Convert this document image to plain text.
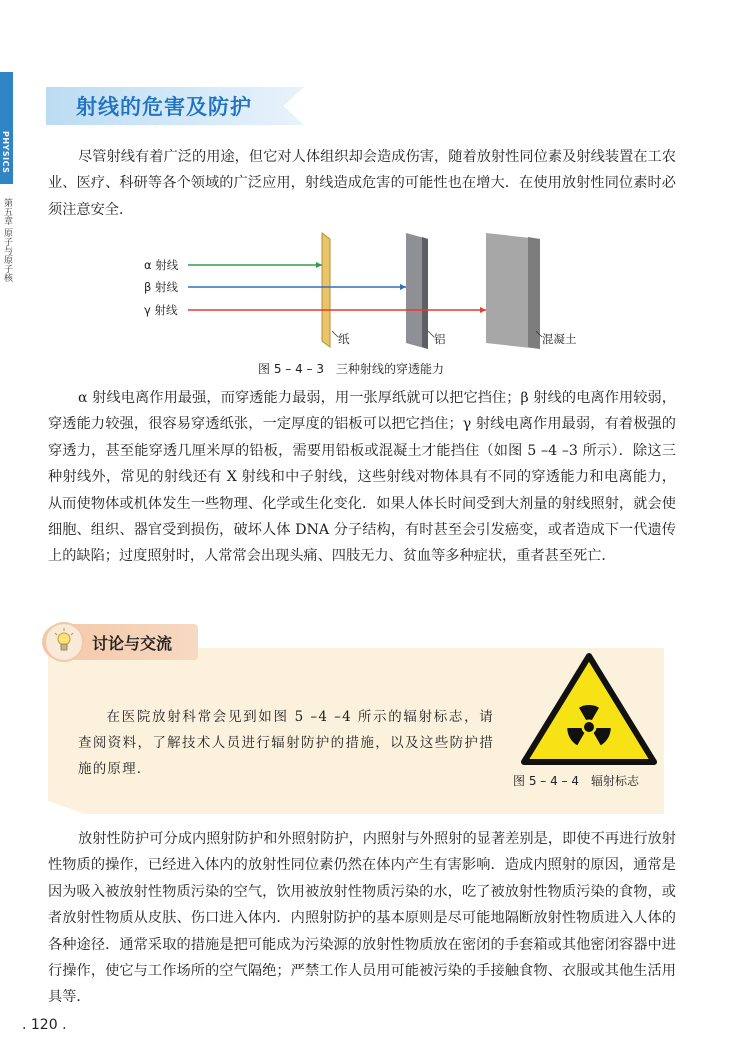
PHYSICS
第五章 原子与原子核
射线的危害及防护

尽管射线有着广泛的用途，但它对人体组织却会造成伤害，随着放射性同位素及射线装置在工农业、医疗、科研等各个领域的广泛应用，射线造成危害的可能性也在增大．在使用放射性同位素时必须注意安全．

α 射线
β 射线
γ 射线
纸	铝	混凝土
图 5 – 4 – 3　三种射线的穿透能力

α 射线电离作用最强，而穿透能力最弱，用一张厚纸就可以把它挡住；β 射线的电离作用较弱，穿透能力较强，很容易穿透纸张，一定厚度的铝板可以把它挡住；γ 射线电离作用最弱，有着极强的穿透力，甚至能穿透几厘米厚的铅板，需要用铅板或混凝土才能挡住（如图 5 –4 –3 所示）．除这三种射线外，常见的射线还有 X 射线和中子射线，这些射线对物体具有不同的穿透能力和电离能力，从而使物体或机体发生一些物理、化学或生化变化．如果人体长时间受到大剂量的射线照射，就会使细胞、组织、器官受到损伤，破坏人体 DNA 分子结构，有时甚至会引发癌变，或者造成下一代遗传上的缺陷；过度照射时，人常常会出现头痛、四肢无力、贫血等多种症状，重者甚至死亡．

讨论与交流

在医院放射科常会见到如图 5 –4 –4 所示的辐射标志，请查阅资料，了解技术人员进行辐射防护的措施，以及这些防护措施的原理．

图 5 – 4 – 4　辐射标志

放射性防护可分成内照射防护和外照射防护，内照射与外照射的显著差别是，即使不再进行放射性物质的操作，已经进入体内的放射性同位素仍然在体内产生有害影响．造成内照射的原因，通常是因为吸入被放射性物质污染的空气，饮用被放射性物质污染的水，吃了被放射性物质污染的食物，或者放射性物质从皮肤、伤口进入体内．内照射防护的基本原则是尽可能地隔断放射性物质进入人体的各种途径．通常采取的措施是把可能成为污染源的放射性物质放在密闭的手套箱或其他密闭容器中进行操作，使它与工作场所的空气隔绝；严禁工作人员用可能被污染的手接触食物、衣服或其他生活用具等．

. 120 .
